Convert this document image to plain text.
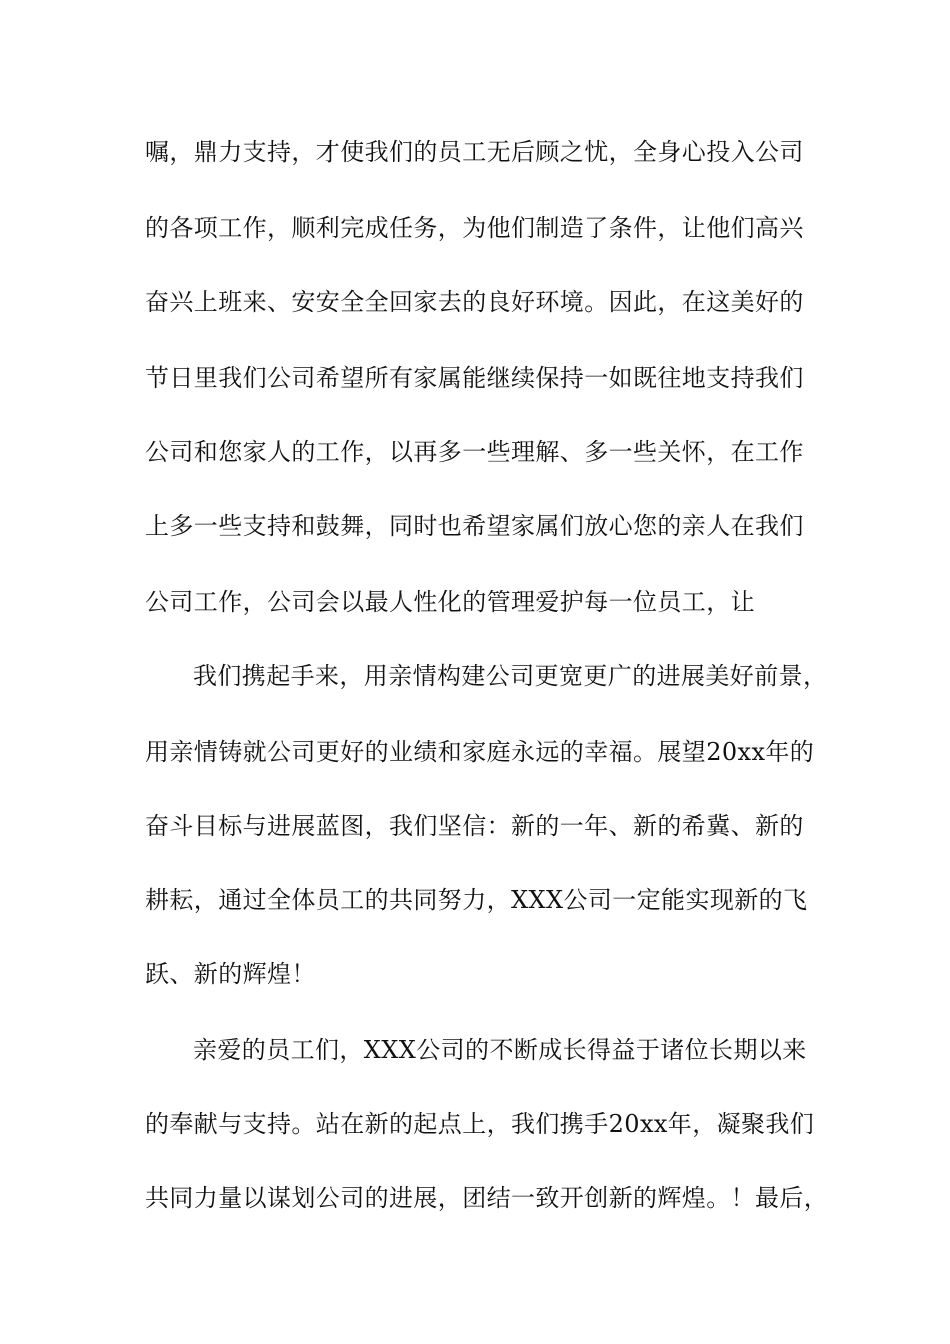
嘱，鼎力支持，才使我们的员工无后顾之忧，全身心投入公司
的各项工作，顺利完成任务，为他们制造了条件，让他们高兴
奋兴上班来、安安全全回家去的良好环境。因此，在这美好的
节日里我们公司希望所有家属能继续保持一如既往地支持我们
公司和您家人的工作，以再多一些理解、多一些关怀，在工作
上多一些支持和鼓舞，同时也希望家属们放心您的亲人在我们
公司工作，公司会以最人性化的管理爱护每一位员工，让
我们携起手来，用亲情构建公司更宽更广的进展美好前景，
用亲情铸就公司更好的业绩和家庭永远的幸福。展望20xx年的
奋斗目标与进展蓝图，我们坚信：新的一年、新的希冀、新的
耕耘，通过全体员工的共同努力，XXX公司一定能实现新的飞
跃、新的辉煌！
亲爱的员工们，XXX公司的不断成长得益于诸位长期以来
的奉献与支持。站在新的起点上，我们携手20xx年，凝聚我们
共同力量以谋划公司的进展，团结一致开创新的辉煌。！最后，
